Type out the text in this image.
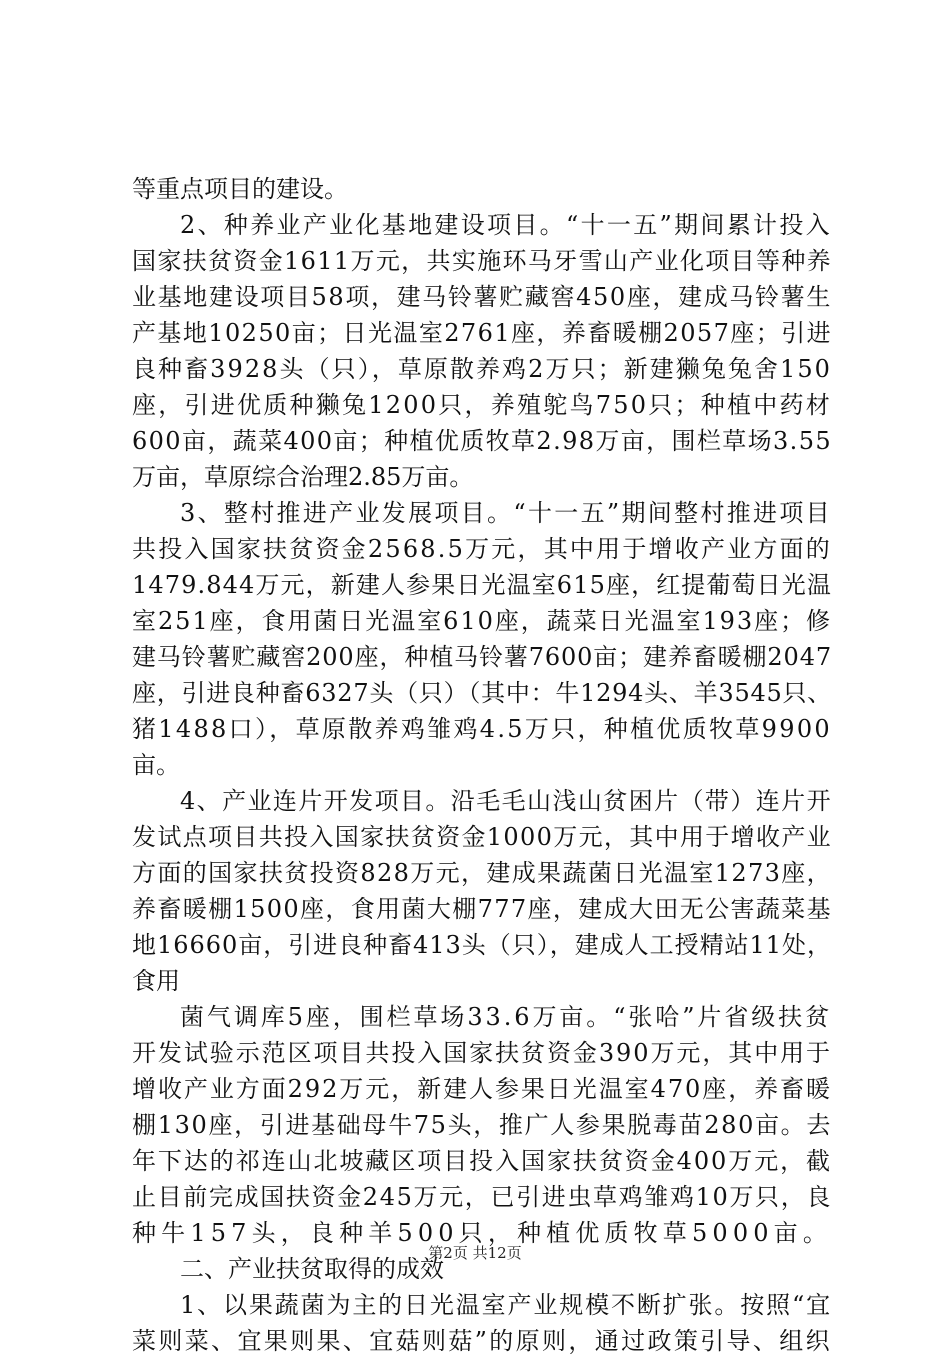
等重点项目的建设。
2、种养业产业化基地建设项目。“十一五”期间累计投入
国家扶贫资金1611万元，共实施环马牙雪山产业化项目等种养
业基地建设项目58项，建马铃薯贮藏窖450座，建成马铃薯生
产基地10250亩；日光温室2761座，养畜暖棚2057座；引进
良种畜3928头（只），草原散养鸡2万只；新建獭兔兔舍150
座，引进优质种獭兔1200只，养殖鸵鸟750只；种植中药材
600亩，蔬菜400亩；种植优质牧草2.98万亩，围栏草场3.55
万亩，草原综合治理2.85万亩。
3、整村推进产业发展项目。“十一五”期间整村推进项目
共投入国家扶贫资金2568.5万元，其中用于增收产业方面的
1479.844万元，新建人参果日光温室615座，红提葡萄日光温
室251座，食用菌日光温室610座，蔬菜日光温室193座；修
建马铃薯贮藏窖200座，种植马铃薯7600亩；建养畜暖棚2047
座，引进良种畜6327头（只）（其中：牛1294头、羊3545只、
猪1488口），草原散养鸡雏鸡4.5万只，种植优质牧草9900
亩。
4、产业连片开发项目。沿毛毛山浅山贫困片（带）连片开
发试点项目共投入国家扶贫资金1000万元，其中用于增收产业
方面的国家扶贫投资828万元，建成果蔬菌日光温室1273座，
养畜暖棚1500座，食用菌大棚777座，建成大田无公害蔬菜基
地16660亩，引进良种畜413头（只），建成人工授精站11处，
食用
菌气调库5座，围栏草场33.6万亩。“张哈”片省级扶贫
开发试验示范区项目共投入国家扶贫资金390万元，其中用于
增收产业方面292万元，新建人参果日光温室470座，养畜暖
棚130座，引进基础母牛75头，推广人参果脱毒苗280亩。去
年下达的祁连山北坡藏区项目投入国家扶贫资金400万元，截
止目前完成国扶资金245万元，已引进虫草鸡雏鸡10万只，良
种牛157头，良种羊500只，种植优质牧草5000亩。
二、产业扶贫取得的成效
1、以果蔬菌为主的日光温室产业规模不断扩张。按照“宜
菜则菜、宜果则果、宜菇则菇”的原则，通过政策引导、组织
第2页 共12页
